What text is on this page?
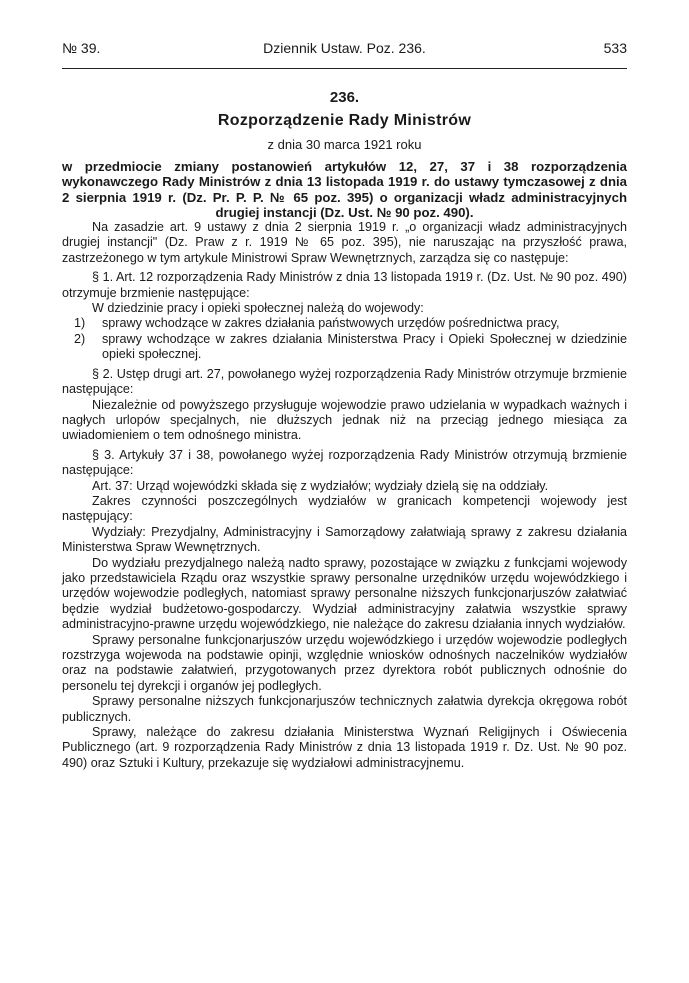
№ 39.	Dziennik Ustaw. Poz. 236.	533
236.
Rozporządzenie Rady Ministrów
z dnia 30 marca 1921 roku

w przedmiocie zmiany postanowień artykułów 12, 27, 37 i 38 rozporządzenia wykonawczego Rady Ministrów z dnia 13 listopada 1919 r. do ustawy tymczasowej z dnia 2 sierpnia 1919 r. (Dz. Pr. P. P. № 65 poz. 395) o organizacji władz administracyjnych drugiej instancji (Dz. Ust. № 90 poz. 490).

Na zasadzie art. 9 ustawy z dnia 2 sierpnia 1919 r. „o organizacji władz administracyjnych drugiej instancji" (Dz. Praw z r. 1919 № 65 poz. 395), nie naruszając na przyszłość prawa, zastrzeżonego w tym artykule Ministrowi Spraw Wewnętrznych, zarządza się co następuje:

§ 1. Art. 12 rozporządzenia Rady Ministrów z dnia 13 listopada 1919 r. (Dz. Ust. № 90 poz. 490) otrzymuje brzmienie następujące:

W dziedzinie pracy i opieki społecznej należą do wojewody:

1)	sprawy wchodzące w zakres działania państwowych urzędów pośrednictwa pracy,
2)	sprawy wchodzące w zakres działania Ministerstwa Pracy i Opieki Społecznej w dziedzinie opieki społecznej.

§ 2. Ustęp drugi art. 27, powołanego wyżej rozporządzenia Rady Ministrów otrzymuje brzmienie następujące:

Niezależnie od powyższego przysługuje wojewodzie prawo udzielania w wypadkach ważnych i nagłych urlopów specjalnych, nie dłuższych jednak niż na przeciąg jednego miesiąca za uwiadomieniem o tem odnośnego ministra.

§ 3. Artykuły 37 i 38, powołanego wyżej rozporządzenia Rady Ministrów otrzymują brzmienie następujące:

Art. 37: Urząd wojewódzki składa się z wydziałów; wydziały dzielą się na oddziały.

Zakres czynności poszczególnych wydziałów w granicach kompetencji wojewody jest następujący:

Wydziały: Prezydjalny, Administracyjny i Samorządowy załatwiają sprawy z zakresu działania Ministerstwa Spraw Wewnętrznych.

Do wydziału prezydjalnego należą nadto sprawy, pozostające w związku z funkcjami wojewody jako przedstawiciela Rządu oraz wszystkie sprawy personalne urzędników urzędu wojewódzkiego i urzędów wojewodzie podległych, natomiast sprawy personalne niższych funkcjonarjuszów załatwiać będzie wydział budżetowo-gospodarczy. Wydział administracyjny załatwia wszystkie sprawy administracyjno-prawne urzędu wojewódzkiego, nie należące do zakresu działania innych wydziałów.

Sprawy personalne funkcjonarjuszów urzędu wojewódzkiego i urzędów wojewodzie podległych rozstrzyga wojewoda na podstawie opinji, względnie wniosków odnośnych naczelników wydziałów oraz na podstawie załatwień, przygotowanych przez dyrektora robót publicznych odnośnie do personelu tej dyrekcji i organów jej podległych.

Sprawy personalne niższych funkcjonarjuszów technicznych załatwia dyrekcja okręgowa robót publicznych.

Sprawy, należące do zakresu działania Ministerstwa Wyznań Religijnych i Oświecenia Publicznego (art. 9 rozporządzenia Rady Ministrów z dnia 13 listopada 1919 r. Dz. Ust. № 90 poz. 490) oraz Sztuki i Kultury, przekazuje się wydziałowi administracyjnemu.
